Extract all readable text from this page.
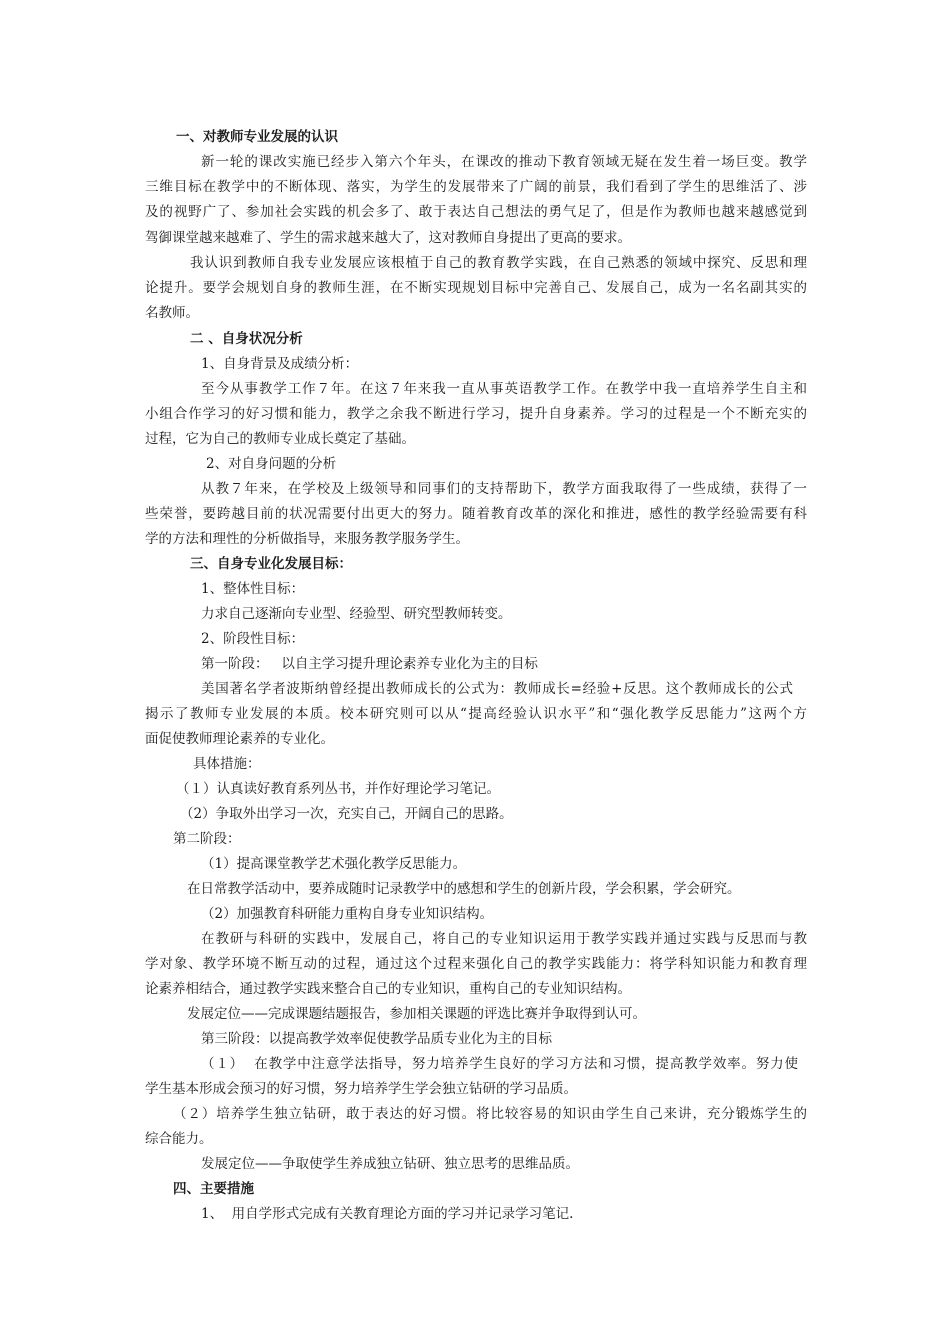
一、对教师专业发展的认识
新一轮的课改实施已经步入第六个年头，在课改的推动下教育领域无疑在发生着一场巨变。教学
三维目标在教学中的不断体现、落实，为学生的发展带来了广阔的前景，我们看到了学生的思维活了、涉
及的视野广了、参加社会实践的机会多了、敢于表达自己想法的勇气足了，但是作为教师也越来越感觉到
驾御课堂越来越难了、学生的需求越来越大了，这对教师自身提出了更高的要求。
我认识到教师自我专业发展应该根植于自己的教育教学实践，在自己熟悉的领域中探究、反思和理
论提升。要学会规划自身的教师生涯，在不断实现规划目标中完善自己、发展自己，成为一名名副其实的
名教师。
二 、自身状况分析
1、自身背景及成绩分析：
至今从事教学工作７年。在这７年来我一直从事英语教学工作。在教学中我一直培养学生自主和
小组合作学习的好习惯和能力，教学之余我不断进行学习，提升自身素养。学习的过程是一个不断充实的
过程，它为自己的教师专业成长奠定了基础。
2、对自身问题的分析
从教７年来，在学校及上级领导和同事们的支持帮助下，教学方面我取得了一些成绩，获得了一
些荣誉，要跨越目前的状况需要付出更大的努力。随着教育改革的深化和推进，感性的教学经验需要有科
学的方法和理性的分析做指导，来服务教学服务学生。
三、自身专业化发展目标：
1、整体性目标：
力求自己逐渐向专业型、经验型、研究型教师转变。
2、阶段性目标：
第一阶段：   以自主学习提升理论素养专业化为主的目标
美国著名学者波斯纳曾经提出教师成长的公式为：教师成长=经验+反思。这个教师成长的公式
揭示了教师专业发展的本质。校本研究则可以从“提高经验认识水平”和“强化教学反思能力”这两个方
面促使教师理论素养的专业化。
具体措施：
（１）认真读好教育系列丛书，并作好理论学习笔记。
（2）争取外出学习一次，充实自己，开阔自己的思路。
第二阶段：
（1）提高课堂教学艺术强化教学反思能力。
在日常教学活动中，要养成随时记录教学中的感想和学生的创新片段，学会积累，学会研究。
（2）加强教育科研能力重构自身专业知识结构。
在教研与科研的实践中，发展自己，将自己的专业知识运用于教学实践并通过实践与反思而与教
学对象、教学环境不断互动的过程，通过这个过程来强化自己的教学实践能力：将学科知识能力和教育理
论素养相结合，通过教学实践来整合自己的专业知识，重构自己的专业知识结构。
发展定位——完成课题结题报告，参加相关课题的评选比赛并争取得到认可。
第三阶段：以提高教学效率促使教学品质专业化为主的目标
（１）  在教学中注意学法指导，努力培养学生良好的学习方法和习惯，提高教学效率。努力使
学生基本形成会预习的好习惯，努力培养学生学会独立钻研的学习品质。
（２）培养学生独立钻研，敢于表达的好习惯。将比较容易的知识由学生自己来讲，充分锻炼学生的
综合能力。
发展定位——争取使学生养成独立钻研、独立思考的思维品质。
四、主要措施
1、  用自学形式完成有关教育理论方面的学习并记录学习笔记.
